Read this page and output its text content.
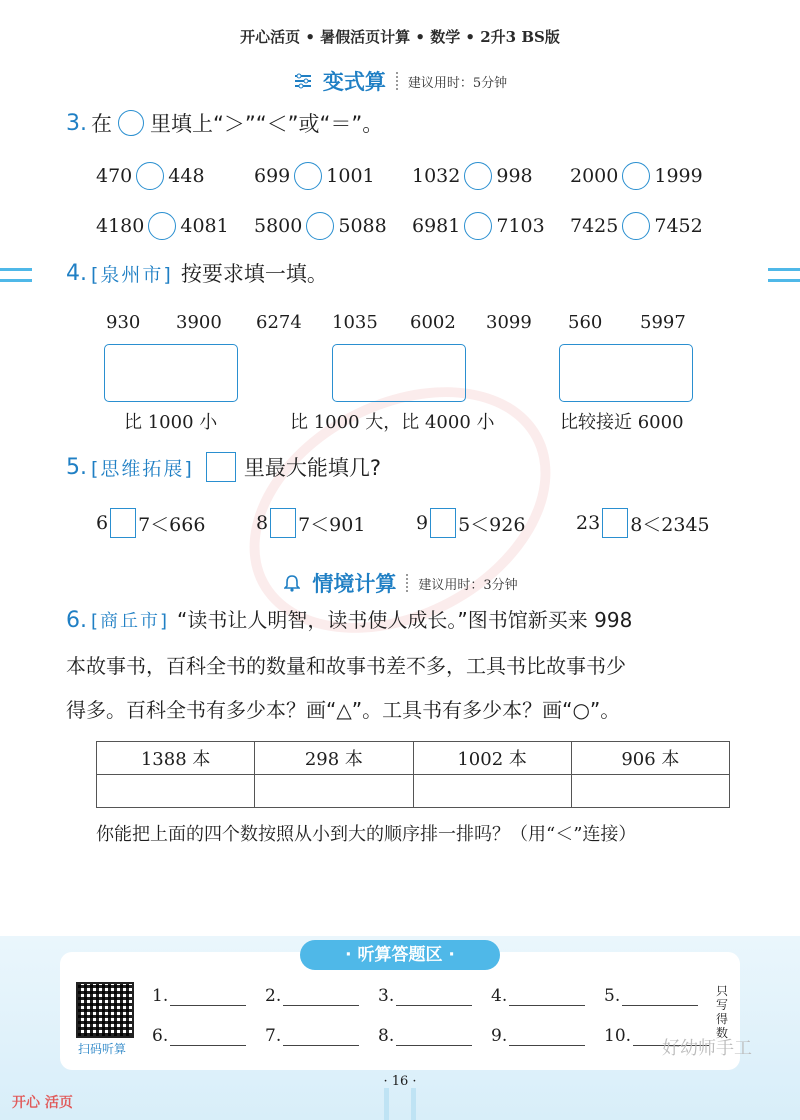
开心活页 • 暑假活页计算 • 数学 • 2升3 BS版
变式算 建议用时：5分钟
3. 在 里填上“＞”“＜”或“＝”。
470 448	699 1001 1032 998 2000 1999
4180 4081 5800 5088 6981 7103 7425 7452
4. [泉州市] 按要求填一填。
930 3900 6274 1035 6002 3099 560 5997
比 1000 小	比 1000 大，比 4000 小	比较接近 6000
5. [思维拓展] 里最大能填几?
6 7＜666	8 7＜901	9 5＜926	23 8＜2345
情境计算 建议用时：3分钟
6. [商丘市] “读书让人明智，读书使人成长。”图书馆新买来 998
本故事书，百科全书的数量和故事书差不多，工具书比故事书少
得多。百科全书有多少本？画“△”。工具书有多少本？画“○”。
1388 本	298 本	1002 本	906 本

你能把上面的四个数按照从小到大的顺序排一排吗？（用“＜”连接）
· 听算答题区 ·
扫码听算
1.	2.	3.	4.	5.
6.	7.	8.	9.	10.
只写得数
好幼师手工
· 16 ·
开心 活页
